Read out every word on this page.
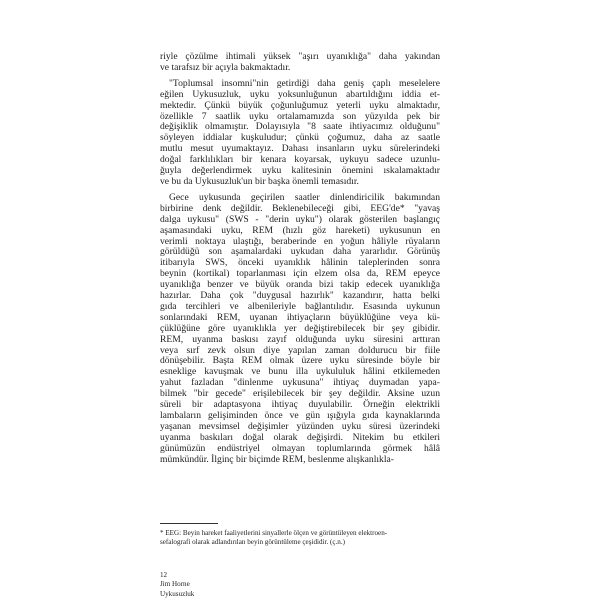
riyle çözülme ihtimali yüksek "aşırı uyanıklığa" daha yakından
ve tarafsız bir açıyla bakmaktadır.

"Toplumsal insomni"nin getirdiği daha geniş çaplı meselelere
eğilen Uykusuzluk, uyku yoksunluğunun abartıldığını iddia et-
mektedir. Çünkü büyük çoğunluğumuz yeterli uyku almaktadır,
özellikle 7 saatlik uyku ortalamamızda son yüzyılda pek bir
değişiklik olmamıştır. Dolayısıyla "8 saate ihtiyacımız olduğunu"
söyleyen iddialar kuşkuludur; çünkü çoğumuz, daha az saatle
mutlu mesut uyumaktayız. Dahası insanların uyku sürelerindeki
doğal farklılıkları bir kenara koyarsak, uykuyu sadece uzunlu-
ğuyla değerlendirmek uyku kalitesinin önemini ıskalamaktadır
ve bu da Uykusuzluk'un bir başka önemli temasıdır.

Gece uykusunda geçirilen saatler dinlendiricilik bakımından
birbirine denk değildir. Beklenebileceği gibi, EEG'de* "yavaş
dalga uykusu" (SWS - "derin uyku") olarak gösterilen başlangıç
aşamasındaki uyku, REM (hızlı göz hareketi) uykusunun en
verimli noktaya ulaştığı, beraberinde en yoğun hâliyle rüyaların
görüldüğü son aşamalardaki uykudan daha yararlıdır. Görünüş
itibarıyla SWS, önceki uyanıklık hâlinin taleplerinden sonra
beynin (kortikal) toparlanması için elzem olsa da, REM epeyce
uyanıklığa benzer ve büyük oranda bizi takip edecek uyanıklığa
hazırlar. Daha çok "duygusal hazırlık" kazandırır, hatta belki
gıda tercihleri ve albenileriyle bağlantılıdır. Esasında uykunun
sonlarındaki REM, uyanan ihtiyaçların büyüklüğüne veya kü-
çüklüğüne göre uyanıklıkla yer değiştirebilecek bir şey gibidir.
REM, uyanma baskısı zayıf olduğunda uyku süresini arttıran
veya sırf zevk olsun diye yapılan zaman doldurucu bir fiile
dönüşebilir. Başta REM olmak üzere uyku süresinde böyle bir
esneklige kavuşmak ve bunu illa uykululuk hâlini etkilemeden
yahut fazladan "dinlenme uykusuna" ihtiyaç duymadan yapa-
bilmek "bir gecede" erişilebilecek bir şey değildir. Aksine uzun
süreli bir adaptasyona ihtiyaç duyulabilir. Örneğin elektrikli
lambaların gelişiminden önce ve gün ışığıyla gıda kaynaklarında
yaşanan mevsimsel değişimler yüzünden uyku süresi üzerindeki
uyanma baskıları doğal olarak değişirdi. Nitekim bu etkileri
günümüzün endüstriyel olmayan toplumlarında görmek hâlâ
mümkündür. İlginç bir biçimde REM, beslenme alışkanlıkla-

* EEG: Beyin hareket faaliyetlerini sinyallerle ölçen ve görüntüleyen elektroen-
sefalografi olarak adlandırılan beyin görüntüleme çeşididir. (ç.n.)
12
Jim Horne
Uykusuzluk
